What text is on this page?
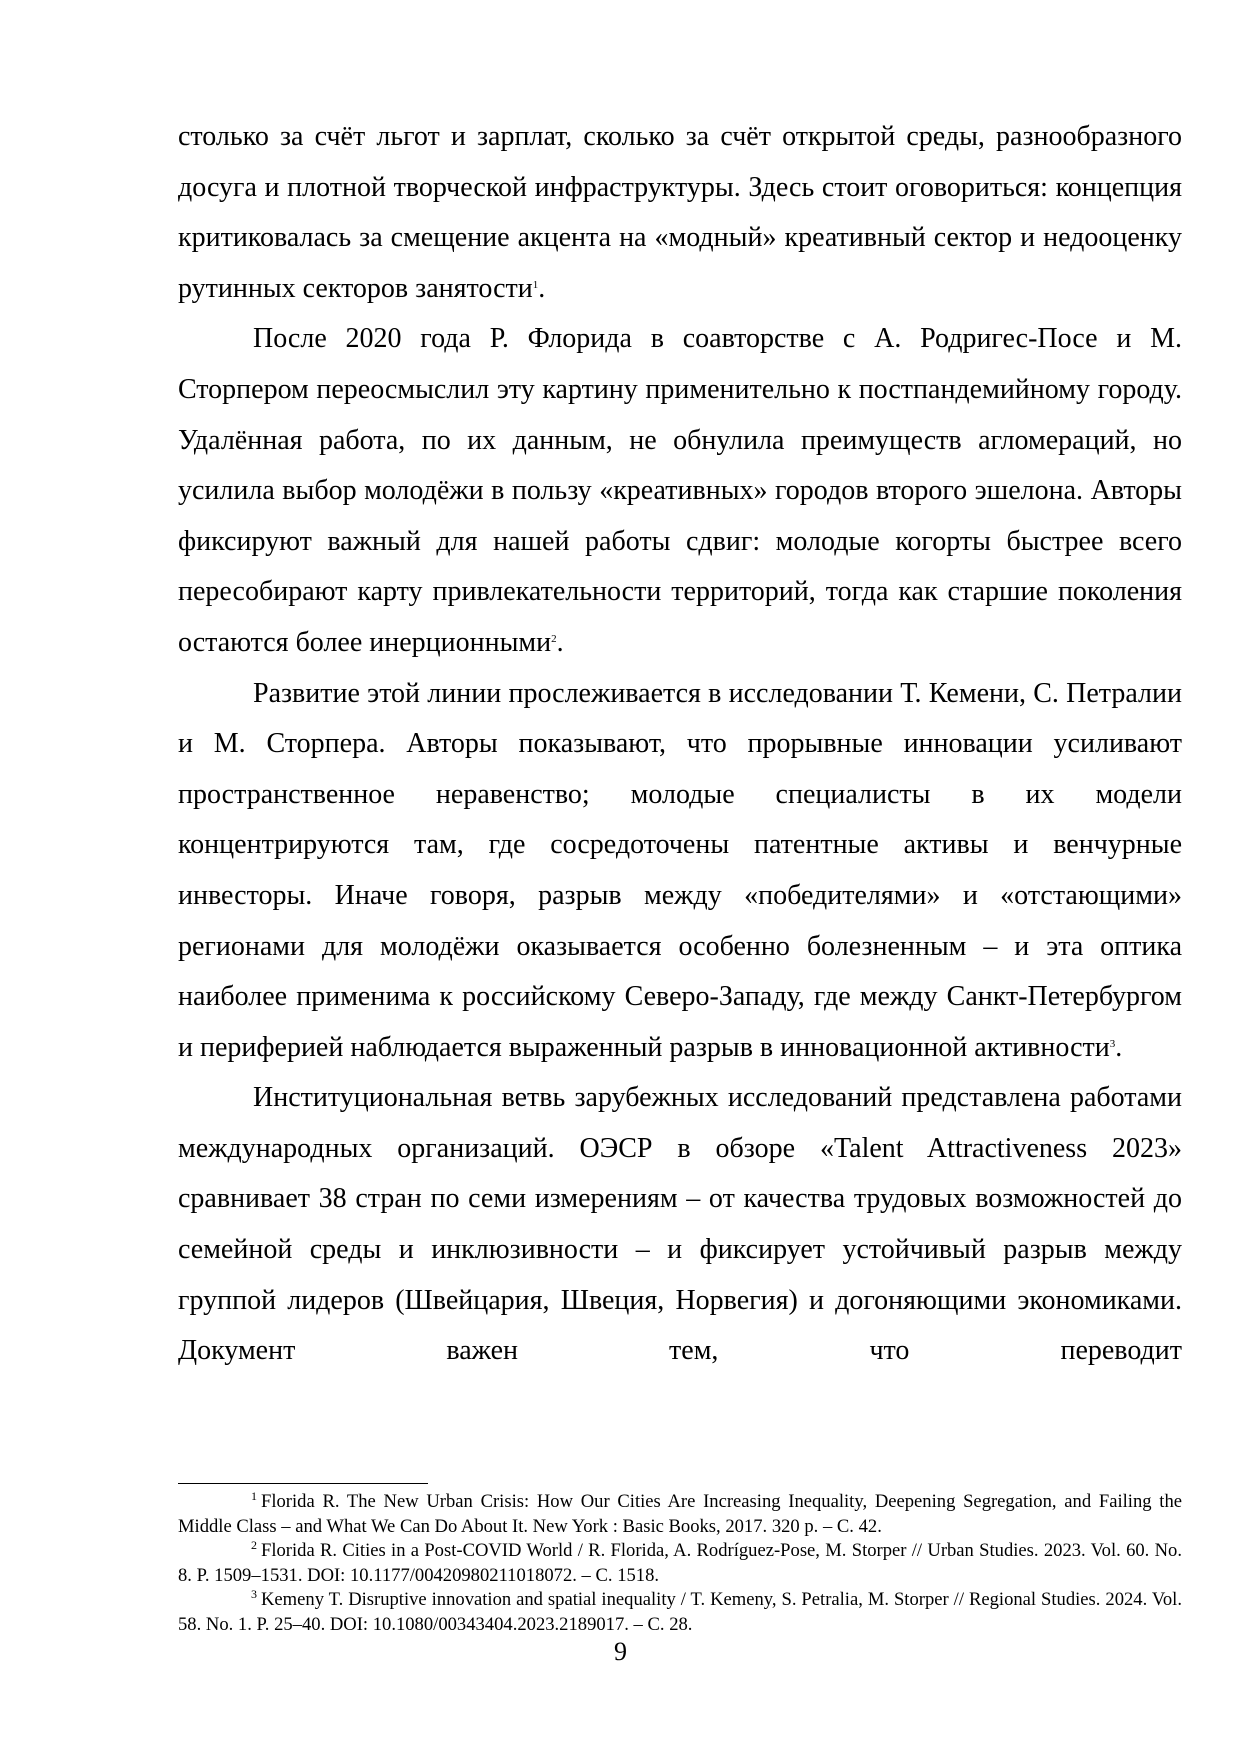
столько за счёт льгот и зарплат, сколько за счёт открытой среды, разнообразного досуга и плотной творческой инфраструктуры. Здесь стоит оговориться: концепция критиковалась за смещение акцента на «модный» креативный сектор и недооценку рутинных секторов занятости$^1$.

После 2020 года Р. Флорида в соавторстве с А. Родригес-Посе и М. Сторпером переосмыслил эту картину применительно к постпандемийному городу. Удалённая работа, по их данным, не обнулила преимуществ агломераций, но усилила выбор молодёжи в пользу «креативных» городов второго эшелона. Авторы фиксируют важный для нашей работы сдвиг: молодые когорты быстрее всего пересобирают карту привлекательности территорий, тогда как старшие поколения остаются более инерционными$^2$.

Развитие этой линии прослеживается в исследовании Т. Кемени, С. Петралии и М. Сторпера. Авторы показывают, что прорывные инновации усиливают пространственное неравенство; молодые специалисты в их модели концентрируются там, где сосредоточены патентные активы и венчурные инвесторы. Иначе говоря, разрыв между «победителями» и «отстающими» регионами для молодёжи оказывается особенно болезненным – и эта оптика наиболее применима к российскому Северо-Западу, где между Санкт-Петербургом и периферией наблюдается выраженный разрыв в инновационной активности$^3$.

Институциональная ветвь зарубежных исследований представлена работами международных организаций. ОЭСР в обзоре «Talent Attractiveness 2023» сравнивает 38 стран по семи измерениям – от качества трудовых возможностей до семейной среды и инклюзивности – и фиксирует устойчивый разрыв между группой лидеров (Швейцария, Швеция, Норвегия) и догоняющими экономиками. Документ важен тем, что переводит

$^1$ Florida R. The New Urban Crisis: How Our Cities Are Increasing Inequality, Deepening Segregation, and Failing the Middle Class – and What We Can Do About It. New York : Basic Books, 2017. 320 p. – С. 42.

$^2$ Florida R. Cities in a Post-COVID World / R. Florida, A. Rodríguez-Pose, M. Storper // Urban Studies. 2023. Vol. 60. No. 8. P. 1509–1531. DOI: 10.1177/00420980211018072. – С. 1518.

$^3$ Kemeny T. Disruptive innovation and spatial inequality / T. Kemeny, S. Petralia, M. Storper // Regional Studies. 2024. Vol. 58. No. 1. P. 25–40. DOI: 10.1080/00343404.2023.2189017. – С. 28.

9
